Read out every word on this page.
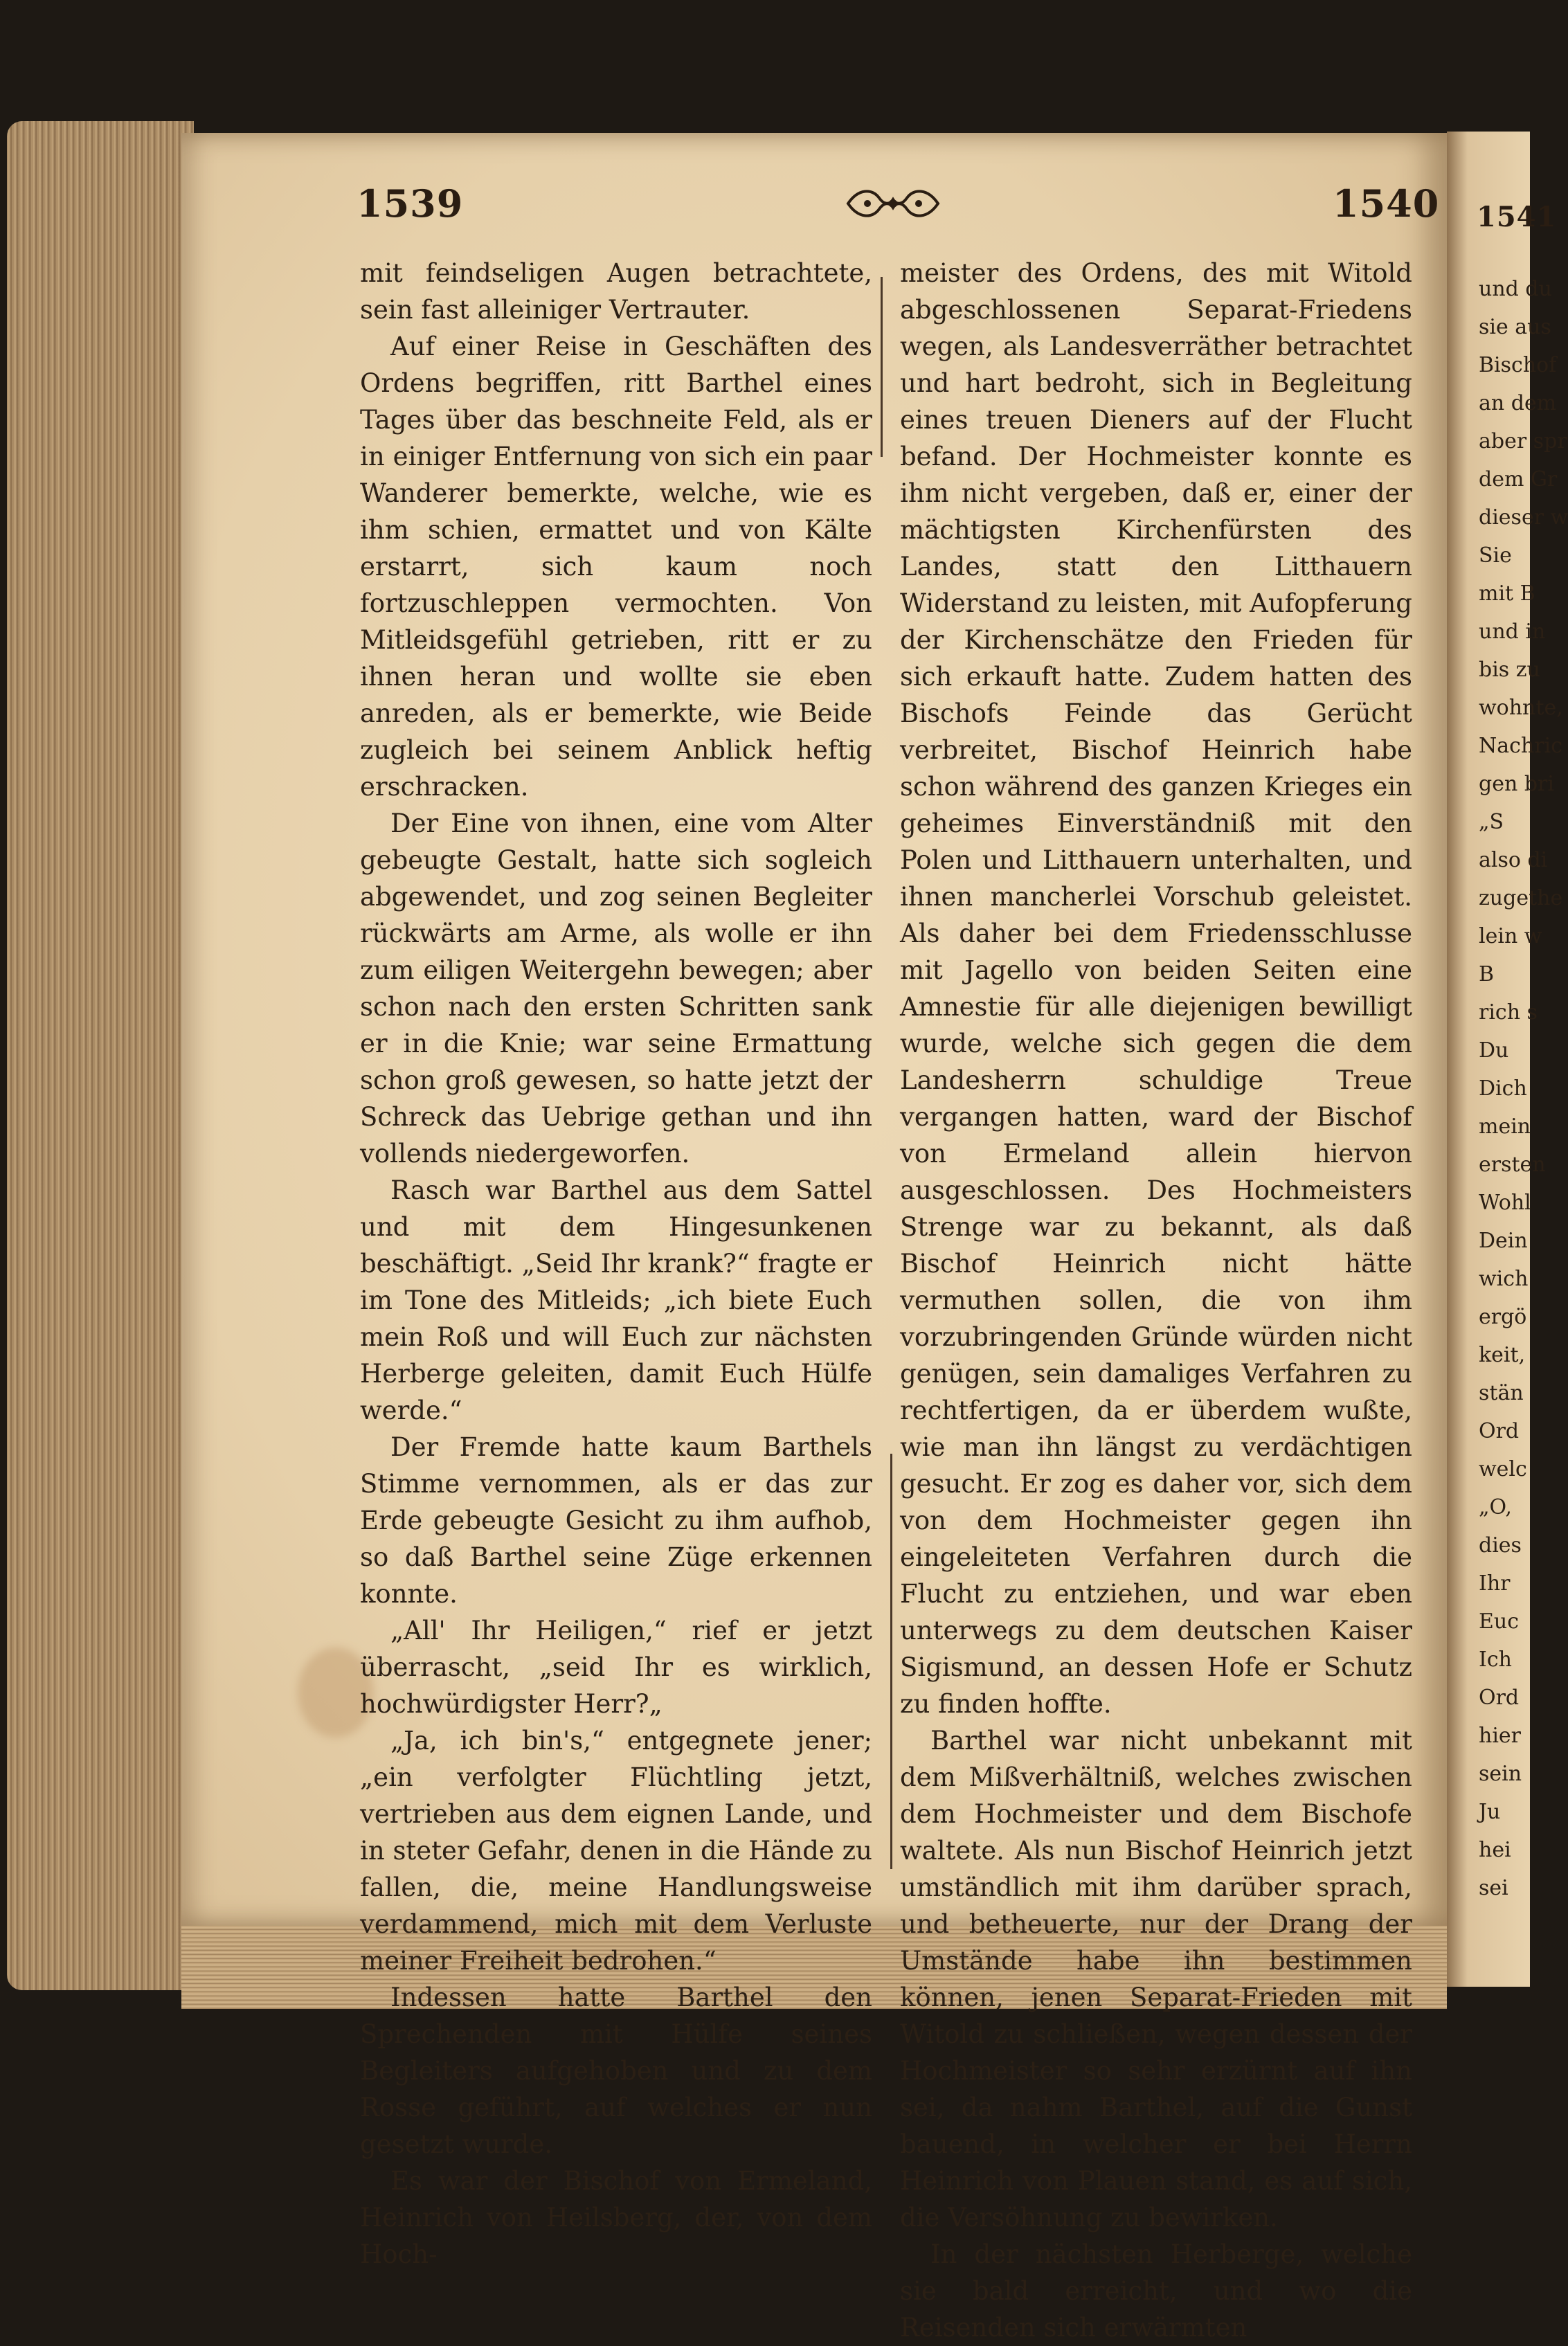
1539	1540 1541

mit feindseligen Augen betrachtete, sein fast alleiniger Vertrauter.

Auf einer Reise in Geschäften des Ordens begriffen, ritt Barthel eines Tages über das beschneite Feld, als er in einiger Entfernung von sich ein paar Wanderer bemerkte, welche, wie es ihm schien, ermattet und von Kälte erstarrt, sich kaum noch fortzuschleppen vermochten. Von Mitleidsgefühl getrieben, ritt er zu ihnen heran und wollte sie eben anreden, als er bemerkte, wie Beide zugleich bei seinem Anblick heftig erschracken.

Der Eine von ihnen, eine vom Alter gebeugte Gestalt, hatte sich sogleich abgewendet, und zog seinen Begleiter rückwärts am Arme, als wolle er ihn zum eiligen Weitergehn bewegen; aber schon nach den ersten Schritten sank er in die Knie; war seine Ermattung schon groß gewesen, so hatte jetzt der Schreck das Uebrige gethan und ihn vollends niedergeworfen.

Rasch war Barthel aus dem Sattel und mit dem Hingesunkenen beschäftigt. „Seid Ihr krank?“ fragte er im Tone des Mitleids; „ich biete Euch mein Roß und will Euch zur nächsten Herberge geleiten, damit Euch Hülfe werde.“

Der Fremde hatte kaum Barthels Stimme vernommen, als er das zur Erde gebeugte Gesicht zu ihm aufhob, so daß Barthel seine Züge erkennen konnte.

„All' Ihr Heiligen,“ rief er jetzt überrascht, „seid Ihr es wirklich, hochwürdigster Herr?„

„Ja, ich bin's,“ entgegnete jener; „ein verfolgter Flüchtling jetzt, vertrieben aus dem eignen Lande, und in steter Gefahr, denen in die Hände zu fallen, die, meine Handlungsweise verdammend, mich mit dem Verluste meiner Freiheit bedrohen.“

Indessen hatte Barthel den Sprechenden mit Hülfe seines Begleiters aufgehoben und zu dem Rosse geführt, auf welches er nun gesetzt wurde.

Es war der Bischof von Ermeland, Heinrich von Heilsberg, der, von dem Hoch-

meister des Ordens, des mit Witold abgeschlossenen Separat-Friedens wegen, als Landesverräther betrachtet und hart bedroht, sich in Begleitung eines treuen Dieners auf der Flucht befand. Der Hochmeister konnte es ihm nicht vergeben, daß er, einer der mächtigsten Kirchenfürsten des Landes, statt den Litthauern Widerstand zu leisten, mit Aufopferung der Kirchenschätze den Frieden für sich erkauft hatte. Zudem hatten des Bischofs Feinde das Gerücht verbreitet, Bischof Heinrich habe schon während des ganzen Krieges ein geheimes Einverständniß mit den Polen und Litthauern unterhalten, und ihnen mancherlei Vorschub geleistet. Als daher bei dem Friedensschlusse mit Jagello von beiden Seiten eine Amnestie für alle diejenigen bewilligt wurde, welche sich gegen die dem Landesherrn schuldige Treue vergangen hatten, ward der Bischof von Ermeland allein hiervon ausgeschlossen. Des Hochmeisters Strenge war zu bekannt, als daß Bischof Heinrich nicht hätte vermuthen sollen, die von ihm vorzubringenden Gründe würden nicht genügen, sein damaliges Verfahren zu rechtfertigen, da er überdem wußte, wie man ihn längst zu verdächtigen gesucht. Er zog es daher vor, sich dem von dem Hochmeister gegen ihn eingeleiteten Verfahren durch die Flucht zu entziehen, und war eben unterwegs zu dem deutschen Kaiser Sigismund, an dessen Hofe er Schutz zu finden hoffte.

Barthel war nicht unbekannt mit dem Mißverhältniß, welches zwischen dem Hochmeister und dem Bischofe waltete. Als nun Bischof Heinrich jetzt umständlich mit ihm darüber sprach, und betheuerte, nur der Drang der Umstände habe ihn bestimmen können, jenen Separat-Frieden mit Witold zu schließen, wegen dessen der Hochmeister so sehr erzürnt auf ihn sei, da nahm Barthel, auf die Gunst bauend, in welcher er bei Herrn Heinrich von Plauen stand, es auf sich, die Versöhnung zu bewirken.

In der nächsten Herberge, welche sie bald erreicht, und wo die Reisenden sich erwärmten

und du
sie aus
Bischof
an dem
aber spr
dem Gr
dieser w
Sie
mit B
und in
bis zu
wohnte,
Nachric
gen bri
„S
also di
zugethe
lein w
B
rich s
Du
Dich
mein
ersten
Wohl
Dein
wich
ergö
keit,
stän
Ord
welc
„O,
dies
Ihr
Euc
Ich
Ord
hier
sein
Ju
hei
sei
